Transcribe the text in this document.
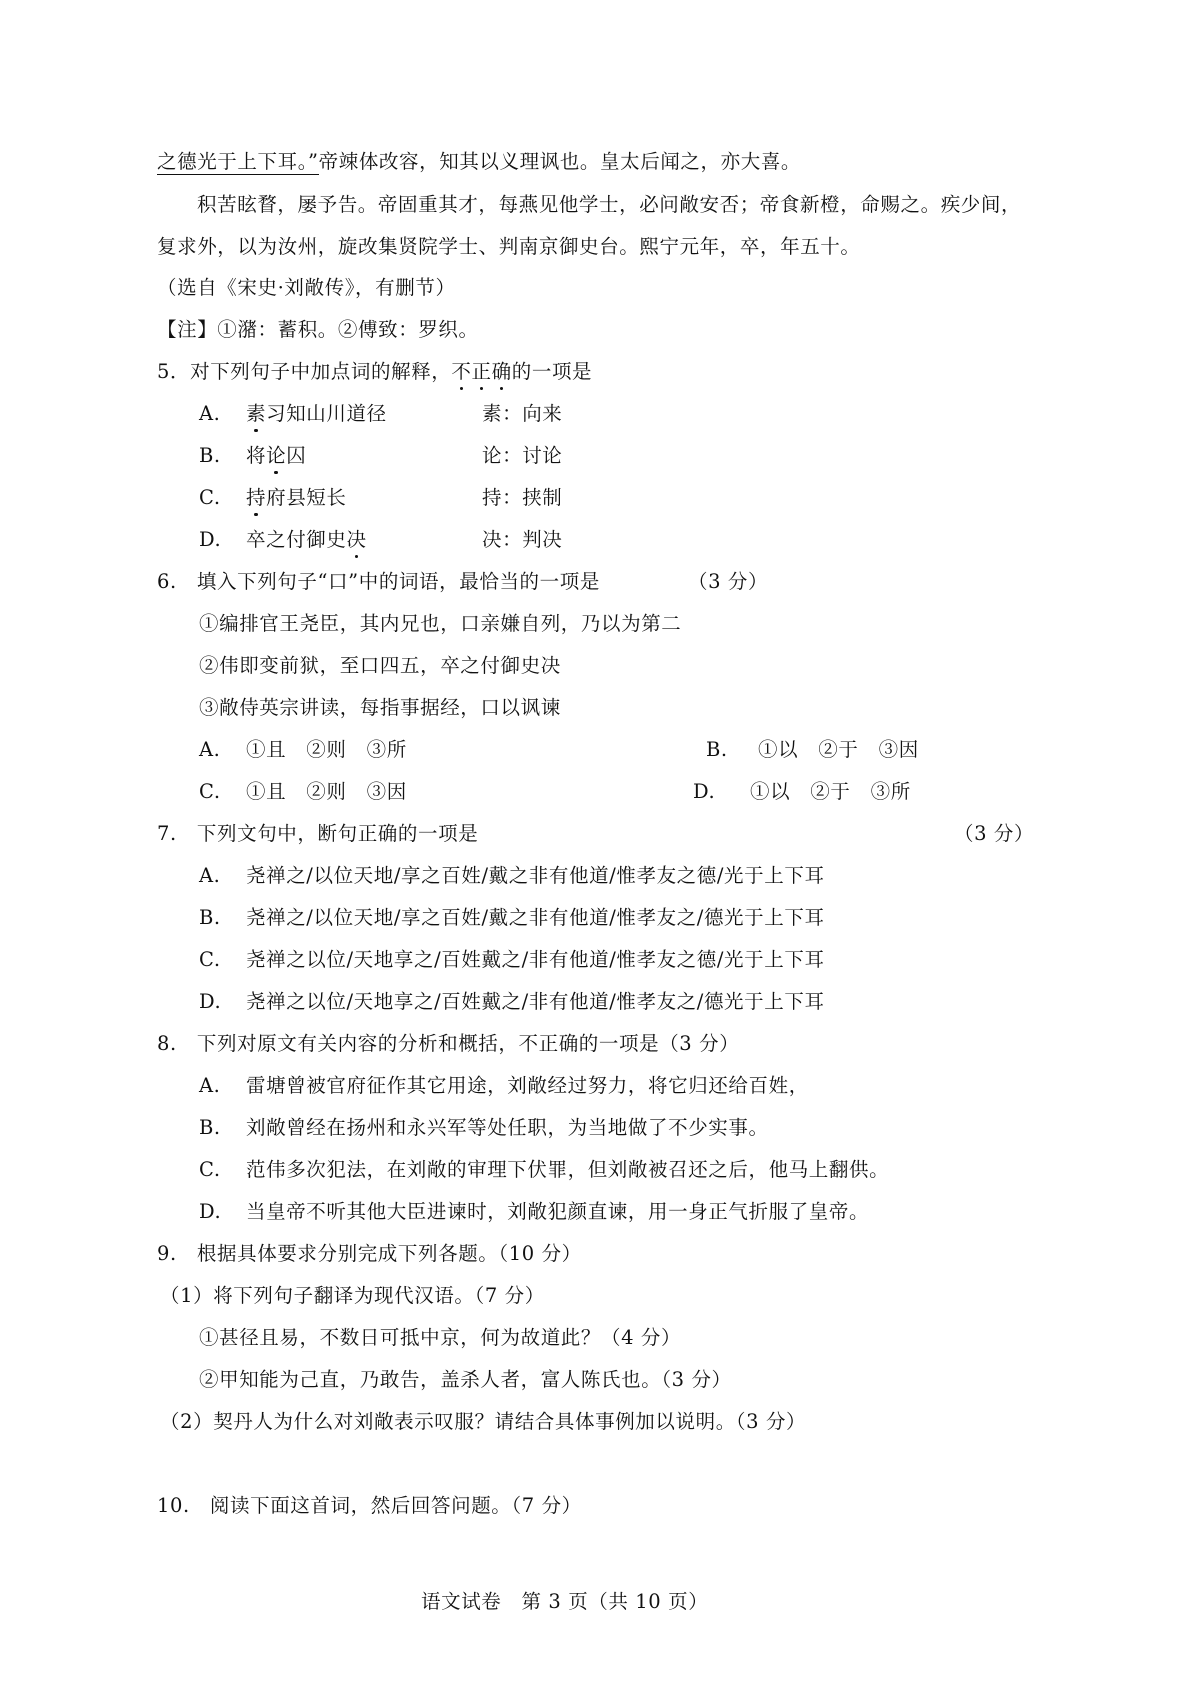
之德光于上下耳。”帝竦体改容，知其以义理讽也。皇太后闻之，亦大喜。
积苦眩瞀，屡予告。帝固重其才，每燕见他学士，必问敞安否；帝食新橙，命赐之。疾少间，
复求外，以为汝州，旋改集贤院学士、判南京御史台。熙宁元年，卒，年五十。
（选自《宋史·刘敞传》，有删节）
【注】①潴：蓄积。②傅致：罗织。
5．对下列句子中加点词的解释，不正确的一项是
A. 素习知山川道径	素：向来
B. 将论囚	论：讨论
C. 持府县短长	持：挟制
D. 卒之付御史决	决：判决
6.　填入下列句子“口”中的词语，最恰当的一项是	（3 分）
①编排官王尧臣，其内兄也，口亲嫌自列，乃以为第二
②伟即变前狱，至口四五，卒之付御史决
③敞侍英宗讲读，每指事据经，口以讽谏
A. ①且　②则　③所	B. ①以　②于　③因
C. ①且　②则　③因	D. ①以　②于　③所
7.　下列文句中，断句正确的一项是	（3 分）
A. 尧禅之/以位天地/享之百姓/戴之非有他道/惟孝友之德/光于上下耳
B. 尧禅之/以位天地/享之百姓/戴之非有他道/惟孝友之/德光于上下耳
C. 尧禅之以位/天地享之/百姓戴之/非有他道/惟孝友之德/光于上下耳
D. 尧禅之以位/天地享之/百姓戴之/非有他道/惟孝友之/德光于上下耳
8.　下列对原文有关内容的分析和概括，不正确的一项是（3 分）
A. 雷塘曾被官府征作其它用途，刘敞经过努力，将它归还给百姓，
B. 刘敞曾经在扬州和永兴军等处任职，为当地做了不少实事。
C. 范伟多次犯法，在刘敞的审理下伏罪，但刘敞被召还之后，他马上翻供。
D. 当皇帝不听其他大臣进谏时，刘敞犯颜直谏，用一身正气折服了皇帝。
9.　根据具体要求分别完成下列各题。（10 分）
（1）将下列句子翻译为现代汉语。（7 分）
①甚径且易，不数日可抵中京，何为故道此？（4 分）
②甲知能为己直，乃敢告，盖杀人者，富人陈氏也。（3 分）
（2）契丹人为什么对刘敞表示叹服？请结合具体事例加以说明。（3 分）
10.　阅读下面这首词，然后回答问题。（7 分）
语文试卷　第 3 页（共 10 页）
